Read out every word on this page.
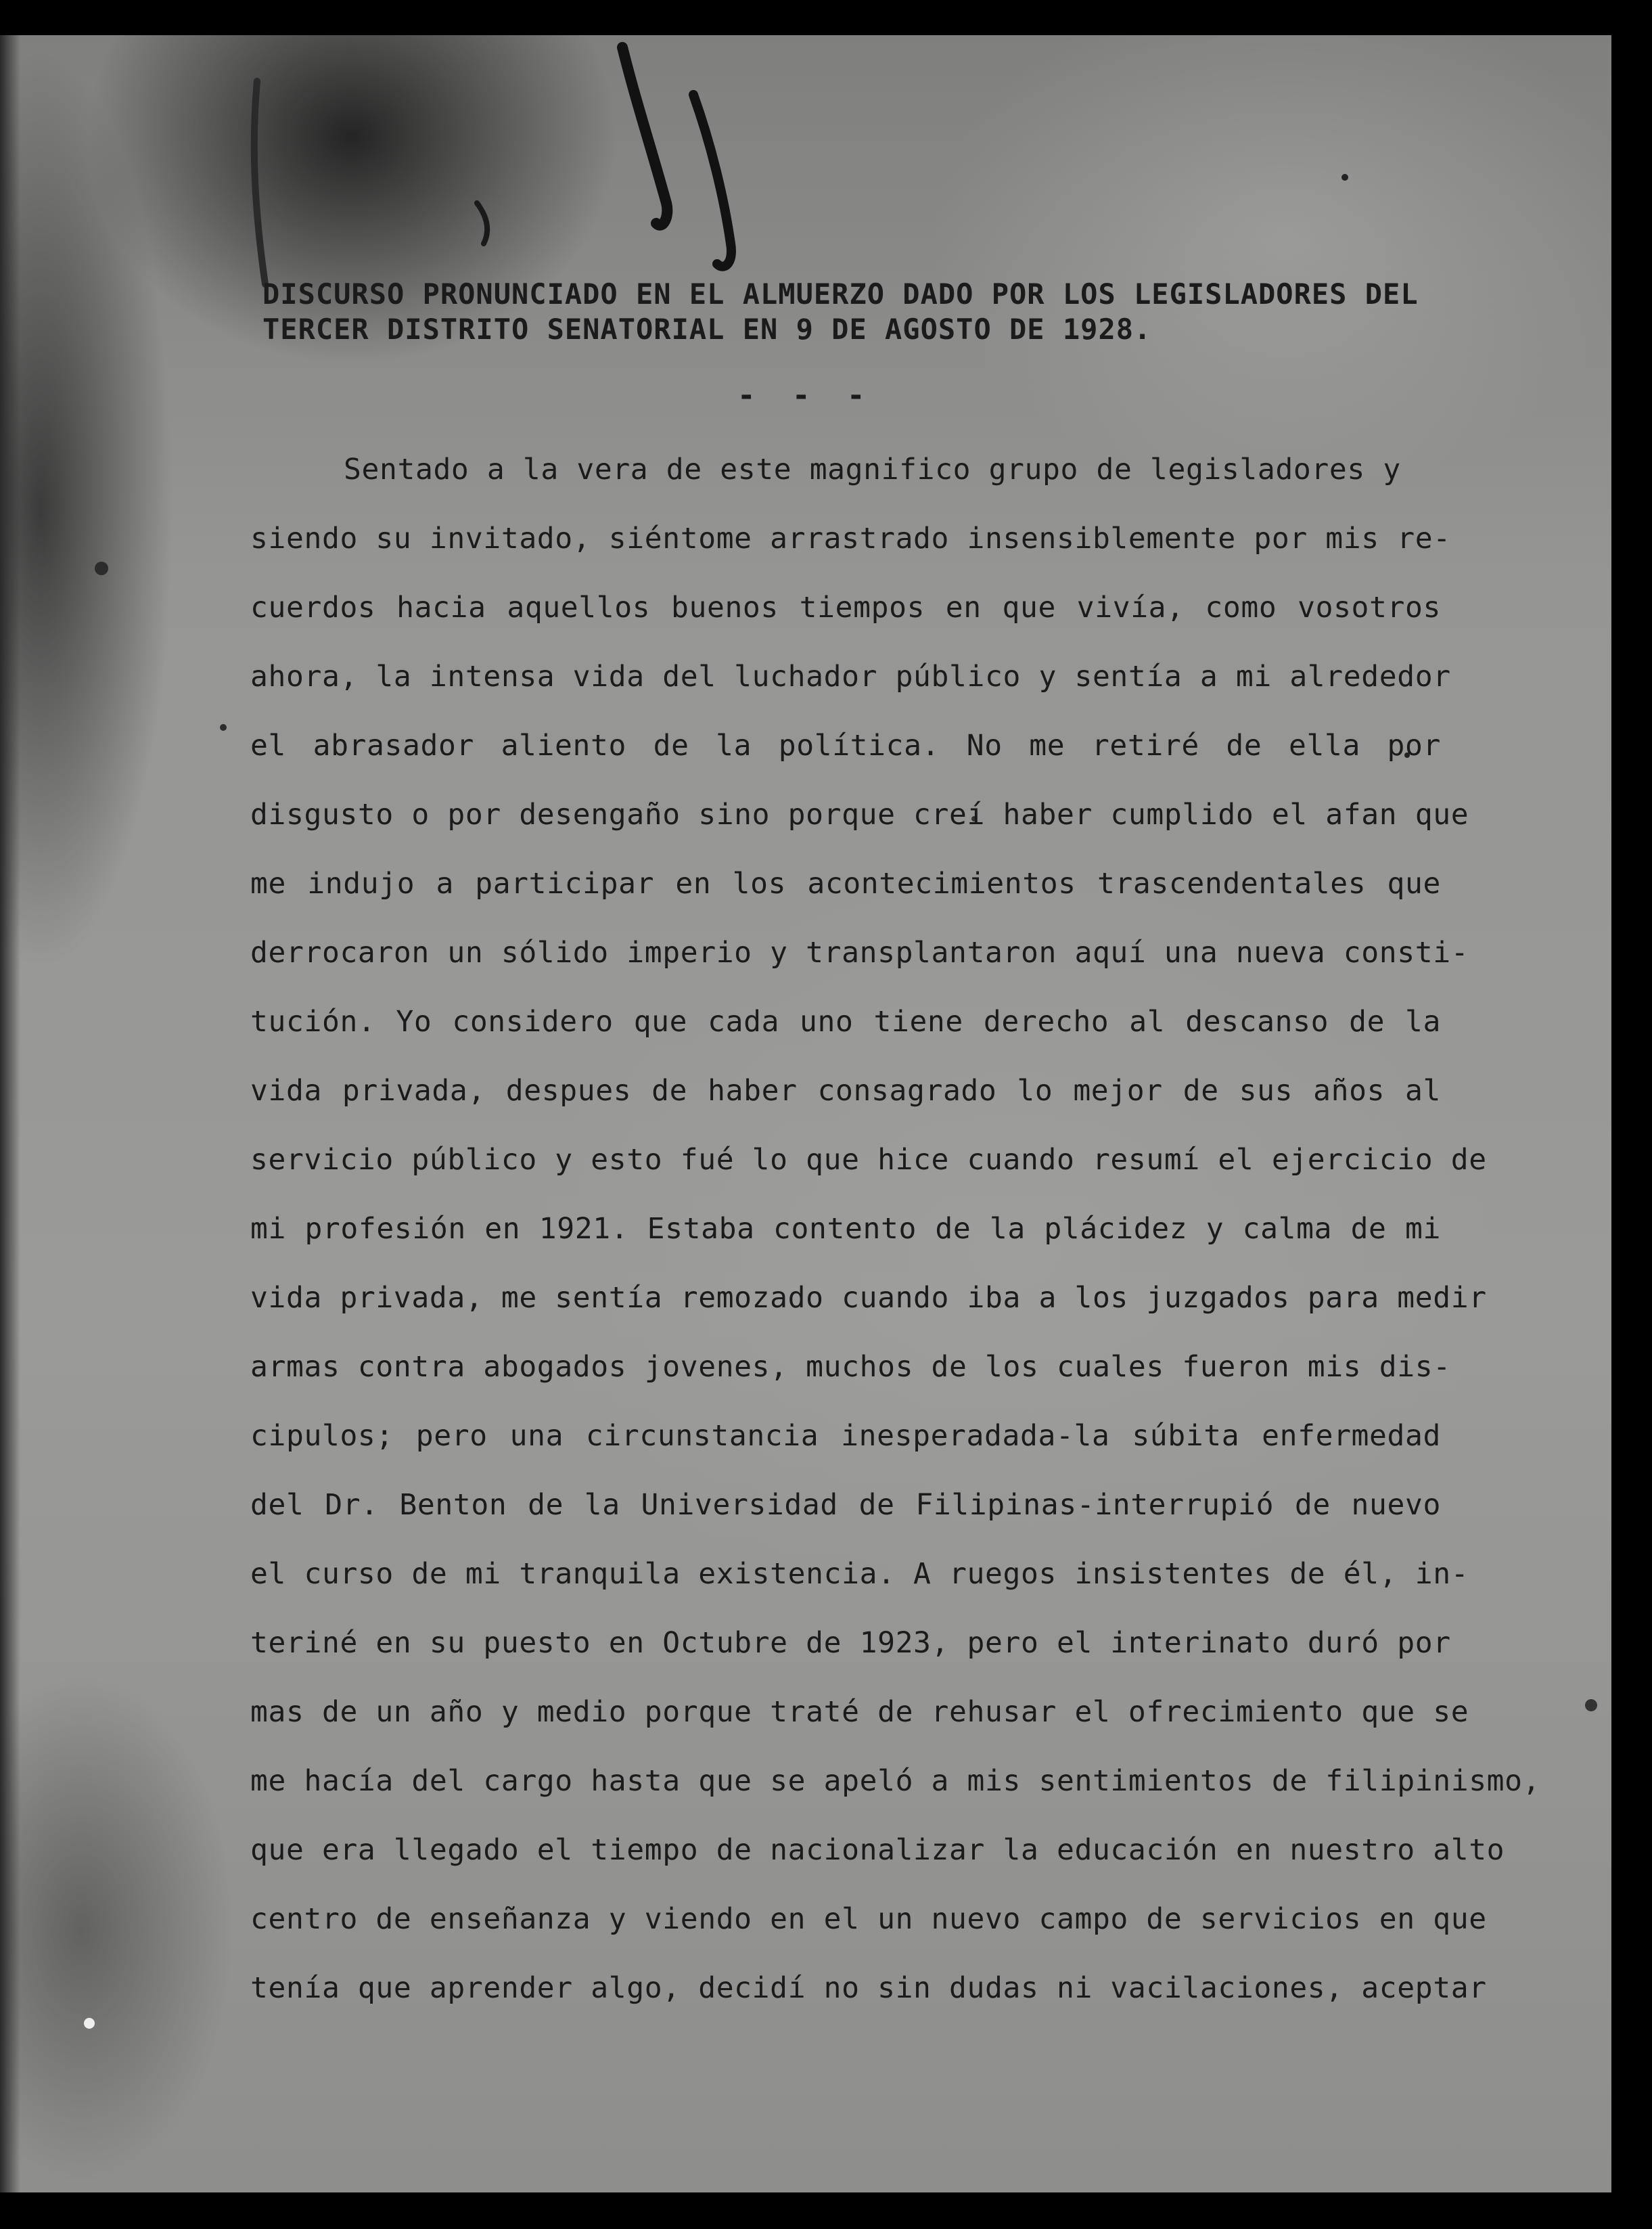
DISCURSO PRONUNCIADO EN EL ALMUERZO DADO POR LOS LEGISLADORES DEL
TERCER DISTRITO SENATORIAL EN 9 DE AGOSTO DE 1928.
- - -
Sentado a la vera de este magnifico grupo de legisladores y
siendo su invitado, siéntome arrastrado insensiblemente por mis re-
cuerdos hacia aquellos buenos tiempos en que vivía, como vosotros
ahora, la intensa vida del luchador público y sentía a mi alrededor
el abrasador aliento de la política. No me retiré de ella por
disgusto o por desengaño sino porque creí haber cumplido el afan que
me indujo a participar en los acontecimientos trascendentales que
derrocaron un sólido imperio y transplantaron aquí una nueva consti-
tución. Yo considero que cada uno tiene derecho al descanso de la
vida privada, despues de haber consagrado lo mejor de sus años al
servicio público y esto fué lo que hice cuando resumí el ejercicio de
mi profesión en 1921. Estaba contento de la plácidez y calma de mi
vida privada, me sentía remozado cuando iba a los juzgados para medir
armas contra abogados jovenes, muchos de los cuales fueron mis dis-
cipulos; pero una circunstancia inesperadada-la súbita enfermedad
del Dr. Benton de la Universidad de Filipinas-interrupió de nuevo
el curso de mi tranquila existencia. A ruegos insistentes de él, in-
teriné en su puesto en Octubre de 1923, pero el interinato duró por
mas de un año y medio porque traté de rehusar el ofrecimiento que se
me hacía del cargo hasta que se apeló a mis sentimientos de filipinismo,
que era llegado el tiempo de nacionalizar la educación en nuestro alto
centro de enseñanza y viendo en el un nuevo campo de servicios en que
tenía que aprender algo, decidí no sin dudas ni vacilaciones, aceptar
